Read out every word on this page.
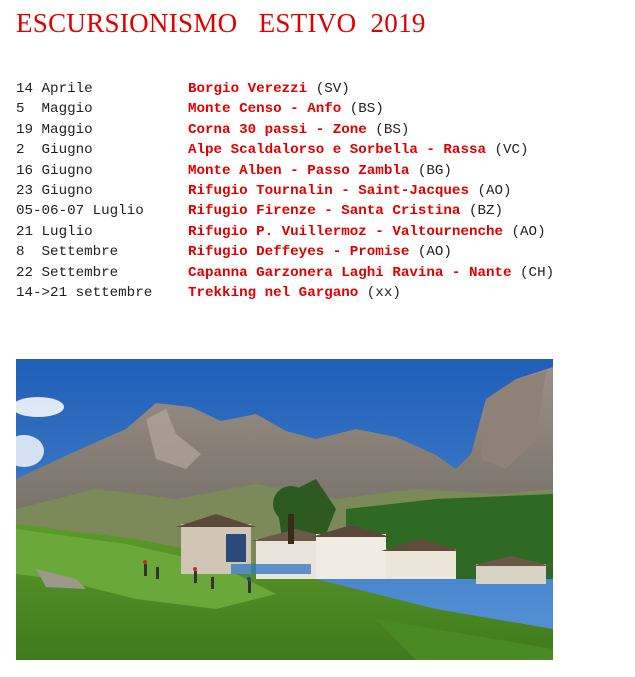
ESCURSIONISMO   ESTIVO  2019
14 Aprile	Borgio Verezzi (SV)
5  Maggio	Monte Censo - Anfo (BS)
19 Maggio	Corna 30 passi - Zone (BS)
2  Giugno	Alpe Scaldalorso e Sorbella - Rassa (VC)
16 Giugno	Monte Alben - Passo Zambla (BG)
23 Giugno	Rifugio Tournalin - Saint-Jacques (AO)
05-06-07 Luglio	Rifugio Firenze - Santa Cristina (BZ)
21 Luglio	Rifugio P. Vuillermoz - Valtournenche (AO)
8  Settembre	Rifugio Deffeyes - Promise (AO)
22 Settembre	Capanna Garzonera Laghi Ravina - Nante (CH)
14->21 settembre	Trekking nel Gargano (xx)
